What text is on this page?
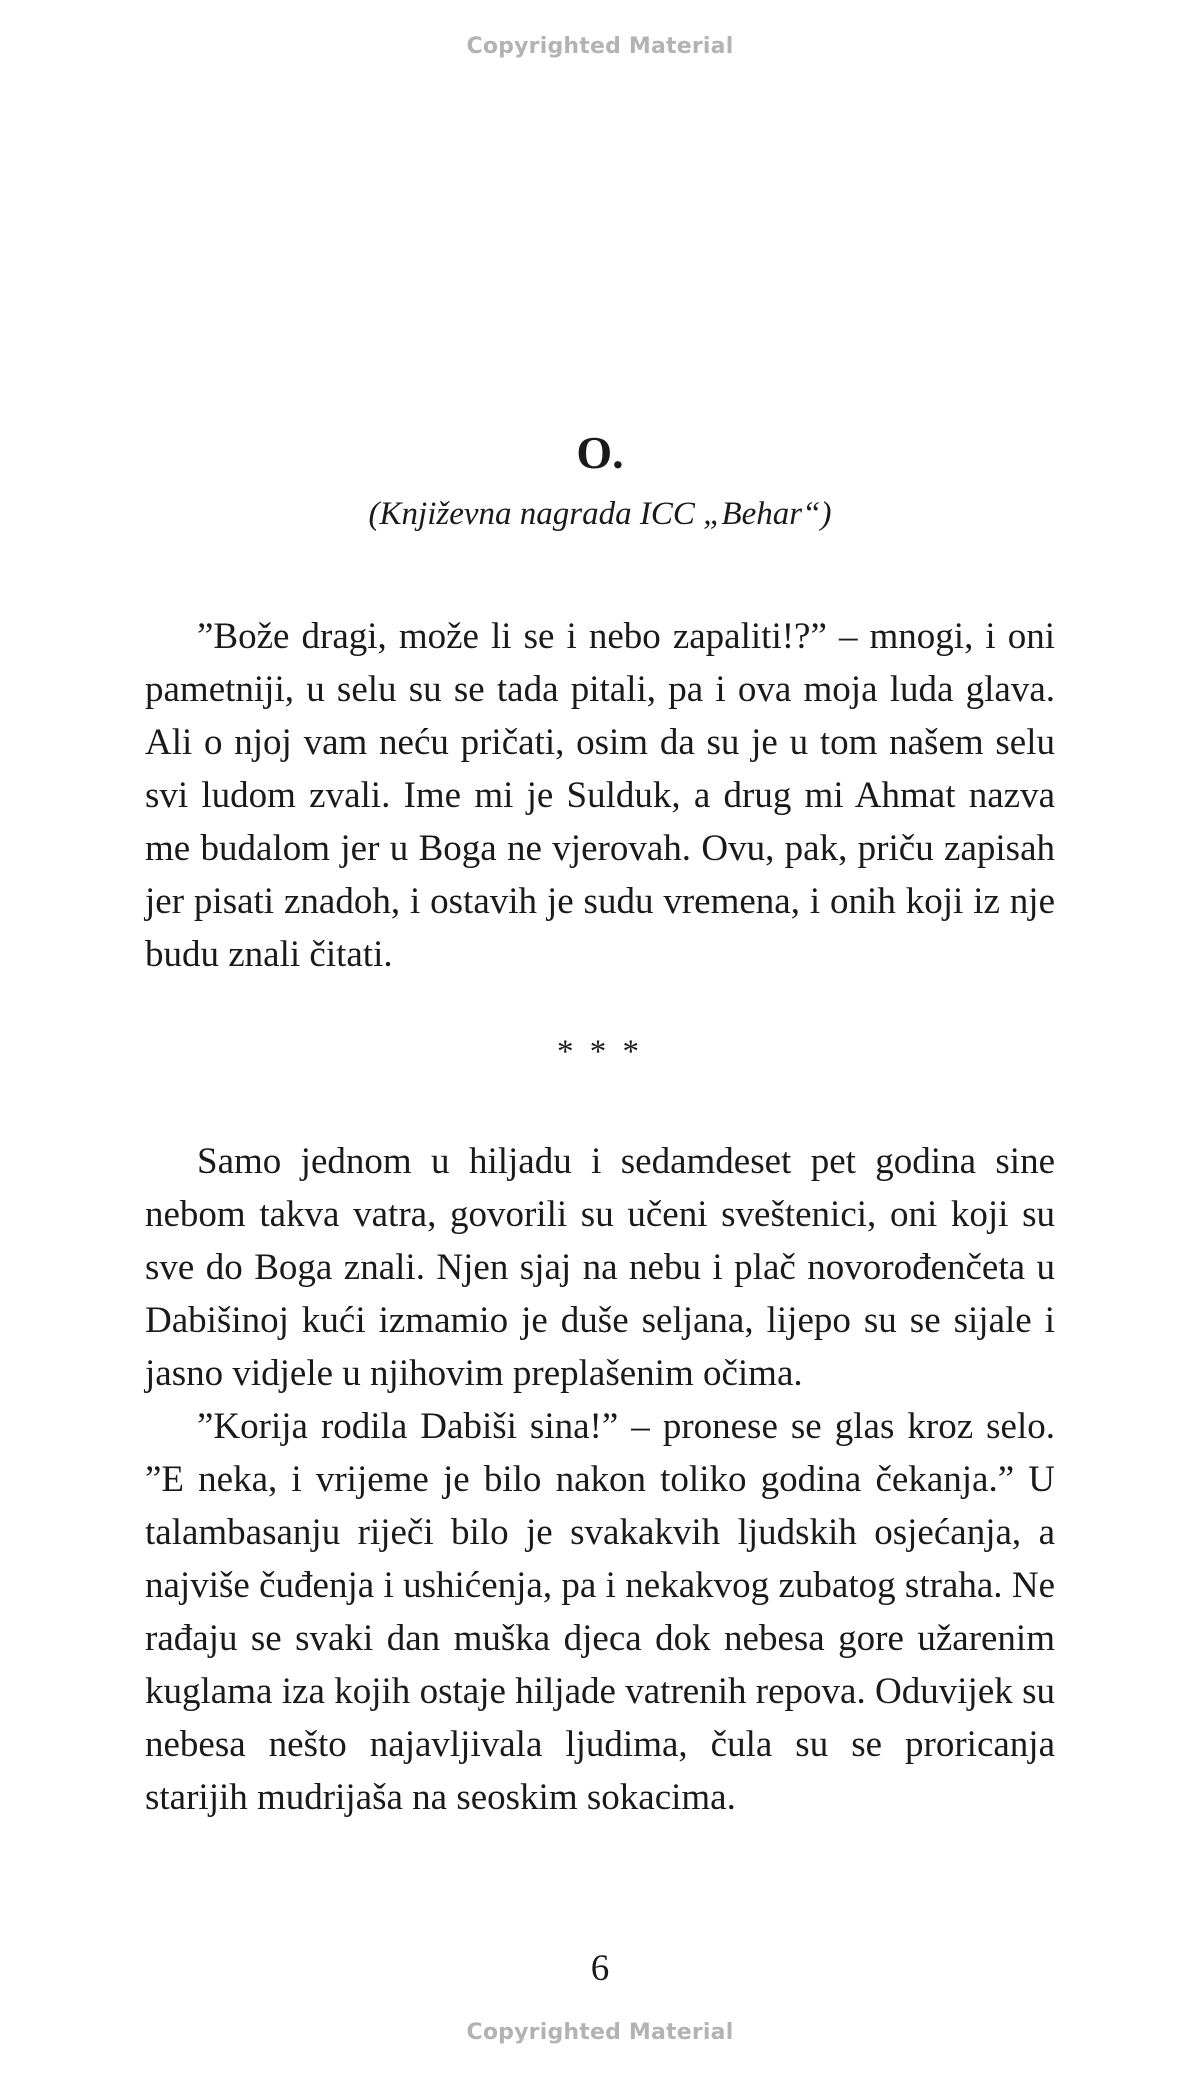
Copyrighted Material
O.
(Književna nagrada ICC „Behar“)

”Bože dragi, može li se i nebo zapaliti!?” – mnogi, i oni pametniji, u selu su se tada pitali, pa i ova moja luda glava. Ali o njoj vam neću pričati, osim da su je u tom našem selu svi ludom zvali. Ime mi je Sulduk, a drug mi Ahmat nazva me budalom jer u Boga ne vjerovah. Ovu, pak, priču zapisah jer pisati znadoh, i ostavih je sudu vremena, i onih koji iz nje budu znali čitati.

* * *

Samo jednom u hiljadu i sedamdeset pet godina sine nebom takva vatra, govorili su učeni sveštenici, oni koji su sve do Boga znali. Njen sjaj na nebu i plač novorođenčeta u Dabišinoj kući izmamio je duše seljana, lijepo su se sijale i jasno vidjele u njihovim preplašenim očima.

”Korija rodila Dabiši sina!” – pronese se glas kroz selo. ”E neka, i vrijeme je bilo nakon toliko godina čekanja.” U talambasanju riječi bilo je svakakvih ljudskih osjećanja, a najviše čuđenja i ushićenja, pa i nekakvog zubatog straha. Ne rađaju se svaki dan muška djeca dok nebesa gore užarenim kuglama iza kojih ostaje hiljade vatrenih repova. Oduvijek su nebesa nešto najavljivala ljudima, čula su se proricanja starijih mudrijaša na seoskim sokacima.

6
Copyrighted Material
